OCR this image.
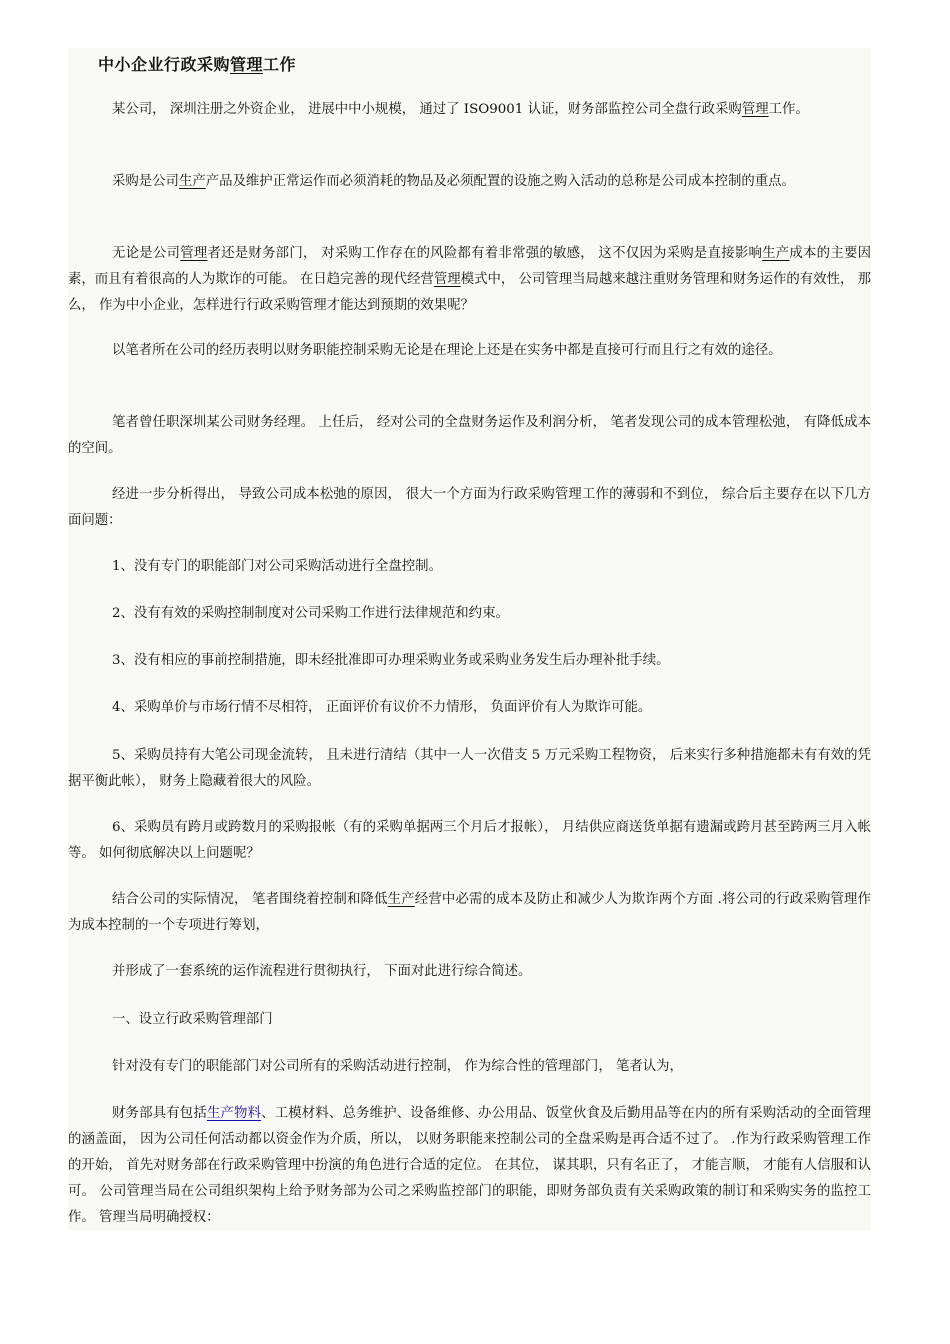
中小企业行政采购管理工作
某公司， 深圳注册之外资企业， 进展中中小规模， 通过了 ISO9001 认证，财务部监控公司全盘行政采购管理工作。
采购是公司生产产品及维护正常运作而必须消耗的物品及必须配置的设施之购入活动的总称是公司成本控制的重点。
无论是公司管理者还是财务部门， 对采购工作存在的风险都有着非常强的敏感， 这不仅因为采购是直接影响生产成本的主要因素，而且有着很高的人为欺诈的可能。 在日趋完善的现代经营管理模式中， 公司管理当局越来越注重财务管理和财务运作的有效性， 那么， 作为中小企业，怎样进行行政采购管理才能达到预期的效果呢？
以笔者所在公司的经历表明以财务职能控制采购无论是在理论上还是在实务中都是直接可行而且行之有效的途径。
笔者曾任职深圳某公司财务经理。 上任后， 经对公司的全盘财务运作及利润分析， 笔者发现公司的成本管理松弛， 有降低成本的空间。
经进一步分析得出， 导致公司成本松弛的原因， 很大一个方面为行政采购管理工作的薄弱和不到位， 综合后主要存在以下几方面问题：
1、没有专门的职能部门对公司采购活动进行全盘控制。
2、没有有效的采购控制制度对公司采购工作进行法律规范和约束。
3、没有相应的事前控制措施，即未经批准即可办理采购业务或采购业务发生后办理补批手续。
4、采购单价与市场行情不尽相符， 正面评价有议价不力情形， 负面评价有人为欺诈可能。
5、采购员持有大笔公司现金流转， 且未进行清结（其中一人一次借支 5 万元采购工程物资， 后来实行多种措施都未有有效的凭据平衡此帐）， 财务上隐藏着很大的风险。
6、采购员有跨月或跨数月的采购报帐（有的采购单据两三个月后才报帐）， 月结供应商送货单据有遗漏或跨月甚至跨两三月入帐等。 如何彻底解决以上问题呢？
结合公司的实际情况， 笔者围绕着控制和降低生产经营中必需的成本及防止和减少人为欺诈两个方面 .将公司的行政采购管理作为成本控制的一个专项进行筹划，
并形成了一套系统的运作流程进行贯彻执行， 下面对此进行综合简述。
一、设立行政采购管理部门
针对没有专门的职能部门对公司所有的采购活动进行控制， 作为综合性的管理部门， 笔者认为，
财务部具有包括生产物料、工模材料、总务维护、设备维修、办公用品、饭堂伙食及后勤用品等在内的所有采购活动的全面管理的涵盖面， 因为公司任何活动都以资金作为介质，所以， 以财务职能来控制公司的全盘采购是再合适不过了。 .作为行政采购管理工作的开始， 首先对财务部在行政采购管理中扮演的角色进行合适的定位。 在其位， 谋其职，只有名正了， 才能言顺， 才能有人信服和认可。 公司管理当局在公司组织架构上给予财务部为公司之采购监控部门的职能，即财务部负责有关采购政策的制订和采购实务的监控工作。 管理当局明确授权：
